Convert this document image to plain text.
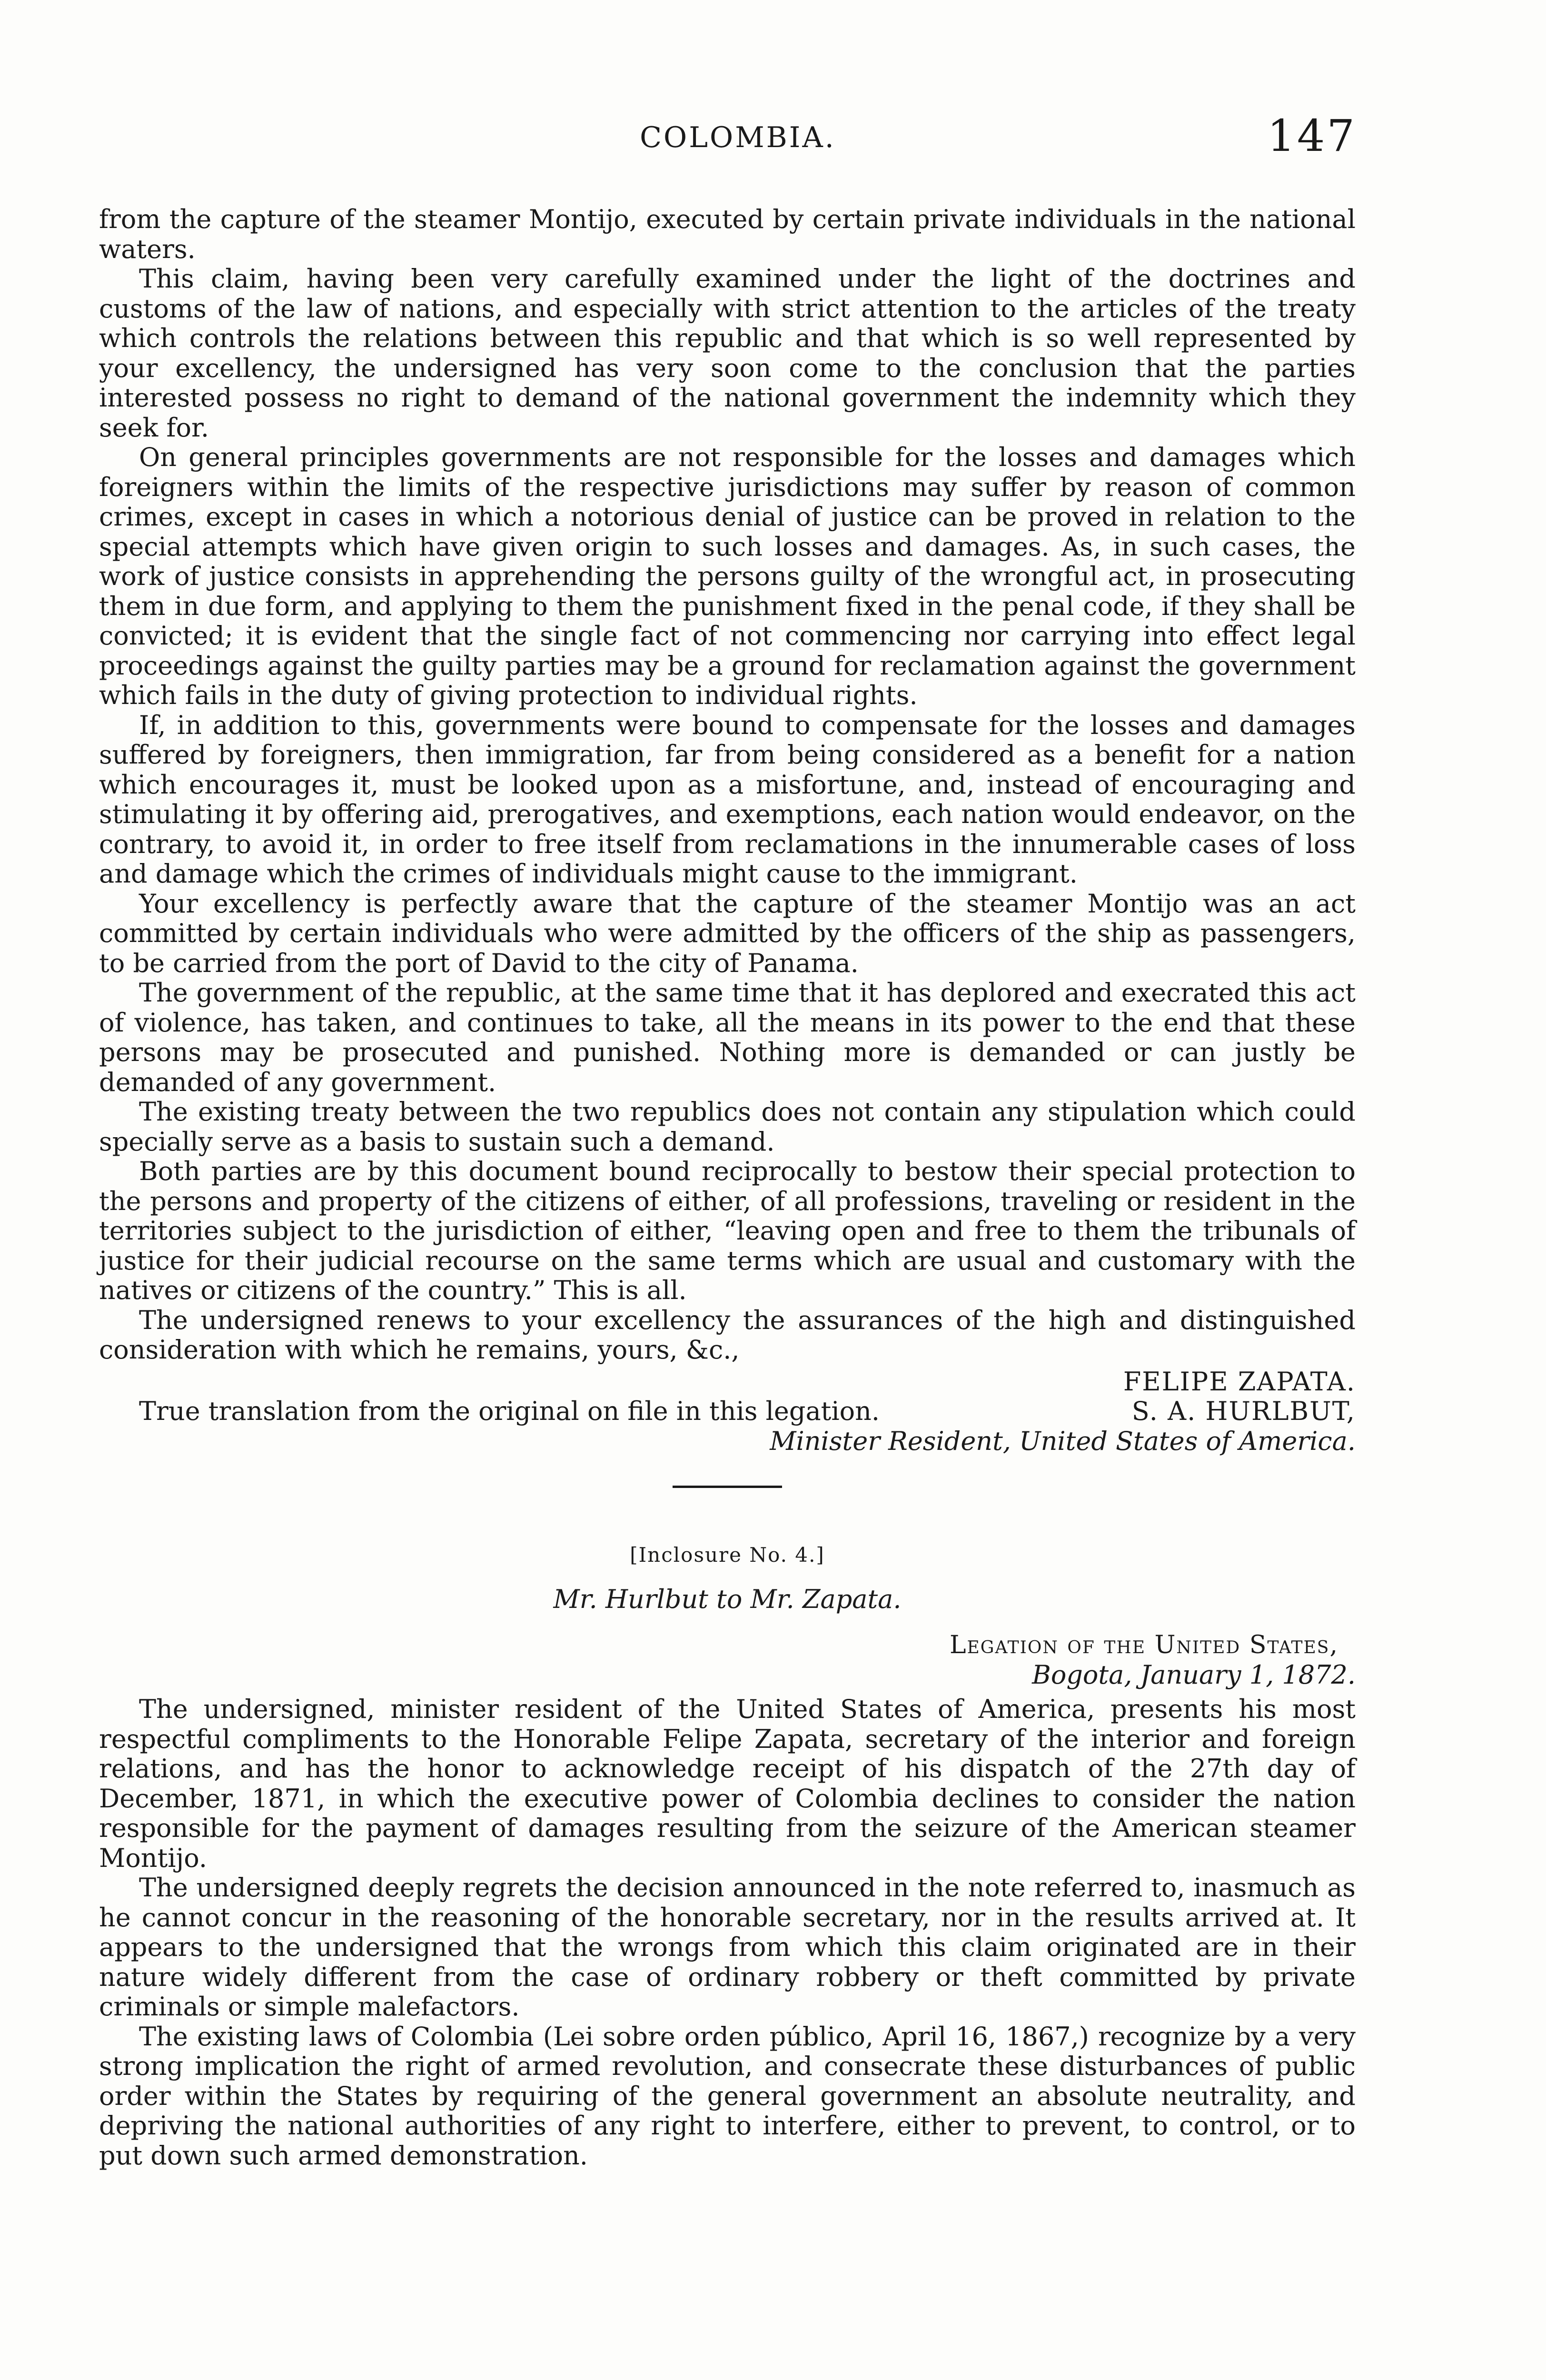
COLOMBIA.	147

from the capture of the steamer Montijo, executed by certain private individuals in the national waters.

This claim, having been very carefully examined under the light of the doctrines and customs of the law of nations, and especially with strict attention to the articles of the treaty which controls the relations between this republic and that which is so well represented by your excellency, the undersigned has very soon come to the conclusion that the parties interested possess no right to demand of the national government the indemnity which they seek for.

On general principles governments are not responsible for the losses and damages which foreigners within the limits of the respective jurisdictions may suffer by reason of common crimes, except in cases in which a notorious denial of justice can be proved in relation to the special attempts which have given origin to such losses and damages. As, in such cases, the work of justice consists in apprehending the persons guilty of the wrongful act, in prosecuting them in due form, and applying to them the punishment fixed in the penal code, if they shall be convicted; it is evident that the single fact of not commencing nor carrying into effect legal proceedings against the guilty parties may be a ground for reclamation against the government which fails in the duty of giving protection to individual rights.

If, in addition to this, governments were bound to compensate for the losses and damages suffered by foreigners, then immigration, far from being considered as a benefit for a nation which encourages it, must be looked upon as a misfortune, and, instead of encouraging and stimulating it by offering aid, prerogatives, and exemptions, each nation would endeavor, on the contrary, to avoid it, in order to free itself from reclamations in the innumerable cases of loss and damage which the crimes of individuals might cause to the immigrant.

Your excellency is perfectly aware that the capture of the steamer Montijo was an act committed by certain individuals who were admitted by the officers of the ship as passengers, to be carried from the port of David to the city of Panama.

The government of the republic, at the same time that it has deplored and execrated this act of violence, has taken, and continues to take, all the means in its power to the end that these persons may be prosecuted and punished. Nothing more is demanded or can justly be demanded of any government.

The existing treaty between the two republics does not contain any stipulation which could specially serve as a basis to sustain such a demand.

Both parties are by this document bound reciprocally to bestow their special protection to the persons and property of the citizens of either, of all professions, traveling or resident in the territories subject to the jurisdiction of either, “leaving open and free to them the tribunals of justice for their judicial recourse on the same terms which are usual and customary with the natives or citizens of the country.” This is all.

The undersigned renews to your excellency the assurances of the high and distinguished consideration with which he remains, yours, &c.,

FELIPE ZAPATA.
True translation from the original on file in this legation.	S. A. HURLBUT,
Minister Resident, United States of America.
[Inclosure No. 4.]
Mr. Hurlbut to Mr. Zapata.
Legation of the United States,
Bogota, January 1, 1872.

The undersigned, minister resident of the United States of America, presents his most respectful compliments to the Honorable Felipe Zapata, secretary of the interior and foreign relations, and has the honor to acknowledge receipt of his dispatch of the 27th day of December, 1871, in which the executive power of Colombia declines to consider the nation responsible for the payment of damages resulting from the seizure of the American steamer Montijo.

The undersigned deeply regrets the decision announced in the note referred to, inasmuch as he cannot concur in the reasoning of the honorable secretary, nor in the results arrived at. It appears to the undersigned that the wrongs from which this claim originated are in their nature widely different from the case of ordinary robbery or theft committed by private criminals or simple malefactors.

The existing laws of Colombia (Lei sobre orden público, April 16, 1867,) recognize by a very strong implication the right of armed revolution, and consecrate these disturbances of public order within the States by requiring of the general government an absolute neutrality, and depriving the national authorities of any right to interfere, either to prevent, to control, or to put down such armed demonstration.
